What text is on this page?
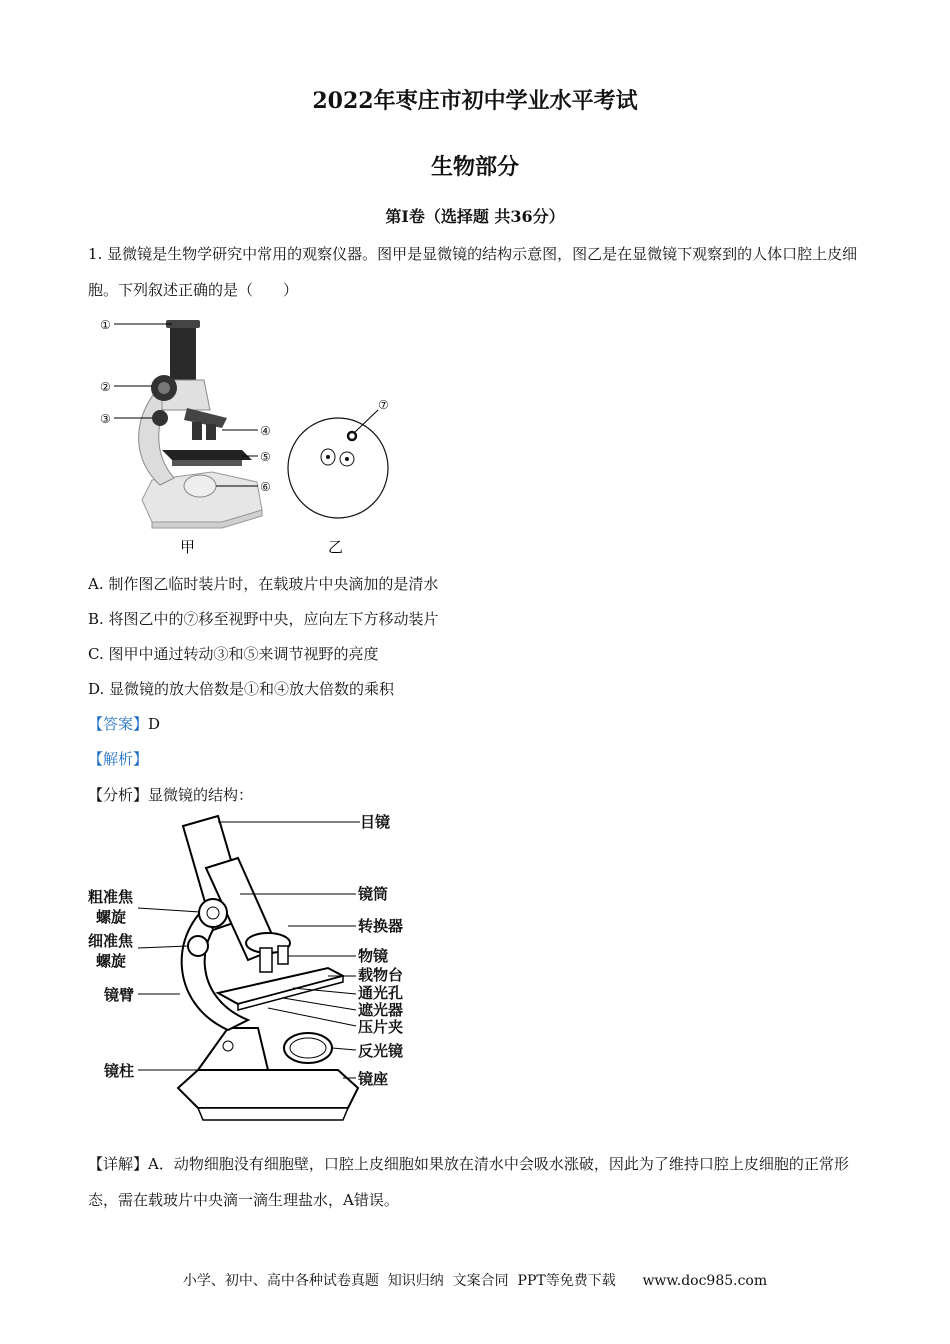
2022年枣庄市初中学业水平考试
生物部分
第Ⅰ卷（选择题 共36分）
1. 显微镜是生物学研究中常用的观察仪器。图甲是显微镜的结构示意图，图乙是在显微镜下观察到的人体口腔上皮细胞。下列叙述正确的是（　　）
①
②
③
④
⑤
⑥
⑦
甲	乙
A. 制作图乙临时装片时，在载玻片中央滴加的是清水
B. 将图乙中的⑦移至视野中央，应向左下方移动装片
C. 图甲中通过转动③和⑤来调节视野的亮度
D. 显微镜的放大倍数是①和④放大倍数的乘积
【答案】D
【解析】
【分析】显微镜的结构：
目镜
镜筒
转换器
物镜
载物台
通光孔
遮光器
压片夹
反光镜
镜座
粗准焦
螺旋
细准焦
螺旋
镜臂
镜柱
【详解】A．动物细胞没有细胞壁，口腔上皮细胞如果放在清水中会吸水涨破，因此为了维持口腔上皮细胞的正常形态，需在载玻片中央滴一滴生理盐水，A错误。
小学、初中、高中各种试卷真题  知识归纳  文案合同  PPT等免费下载 www.doc985.com
